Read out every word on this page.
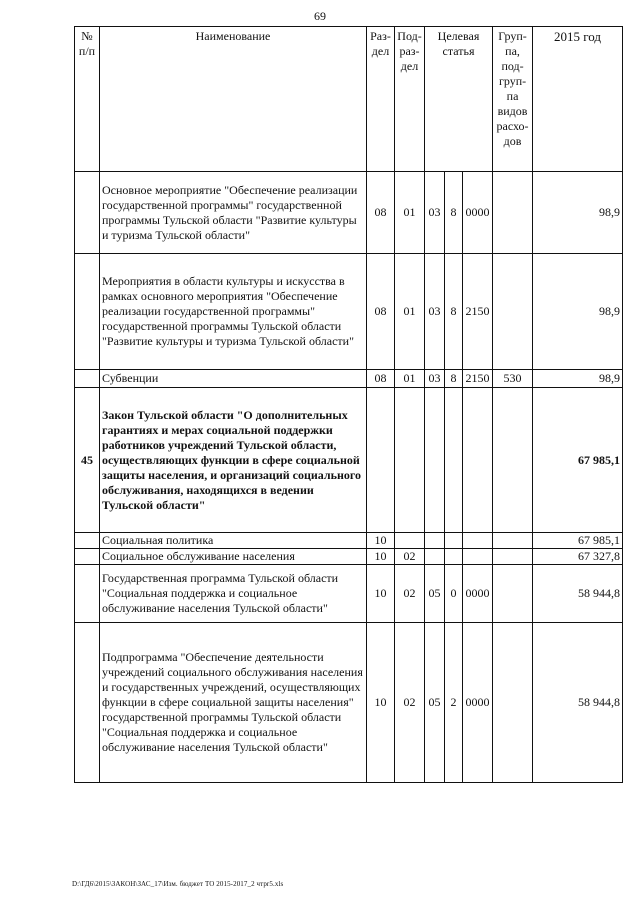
69
№ п/п	Наименование	Раз-дел	Под-раз-дел	Целевая статья			Груп-па, под-груп-па видов расхо-дов	2015 год
	Основное мероприятие "Обеспечение реализации государственной программы" государственной программы Тульской области "Развитие культуры и туризма Тульской области"	08	01	03	8	0000		98,9
	Мероприятия в области культуры и искусства в рамках основного мероприятия "Обеспечение реализации государственной программы" государственной программы Тульской области "Развитие культуры и туризма Тульской области"	08	01	03	8	2150		98,9
	Субвенции	08	01	03	8	2150	530	98,9
45	Закон Тульской области "О дополнительных гарантиях и мерах социальной поддержки работников учреждений Тульской области, осуществляющих функции в сфере социальной защиты населения, и организаций социального обслуживания, находящихся в ведении Тульской области"							67 985,1
	Социальная политика	10						67 985,1
	Социальное обслуживание населения	10	02					67 327,8
	Государственная программа Тульской области "Социальная поддержка и социальное обслуживание населения Тульской области"	10	02	05	0	0000		58 944,8
	Подпрограмма "Обеспечение деятельности учреждений социального обслуживания населения и государственных учреждений, осуществляющих функции в сфере социальной защиты населения" государственной программы Тульской области "Социальная поддержка и социальное обслуживание населения Тульской области"	10	02	05	2	0000		58 944,8
D:\ГД6\2015\ЗАКОН\ЗАС_17\Изм. бюджет ТО 2015-2017_2 чтpr5.xls
